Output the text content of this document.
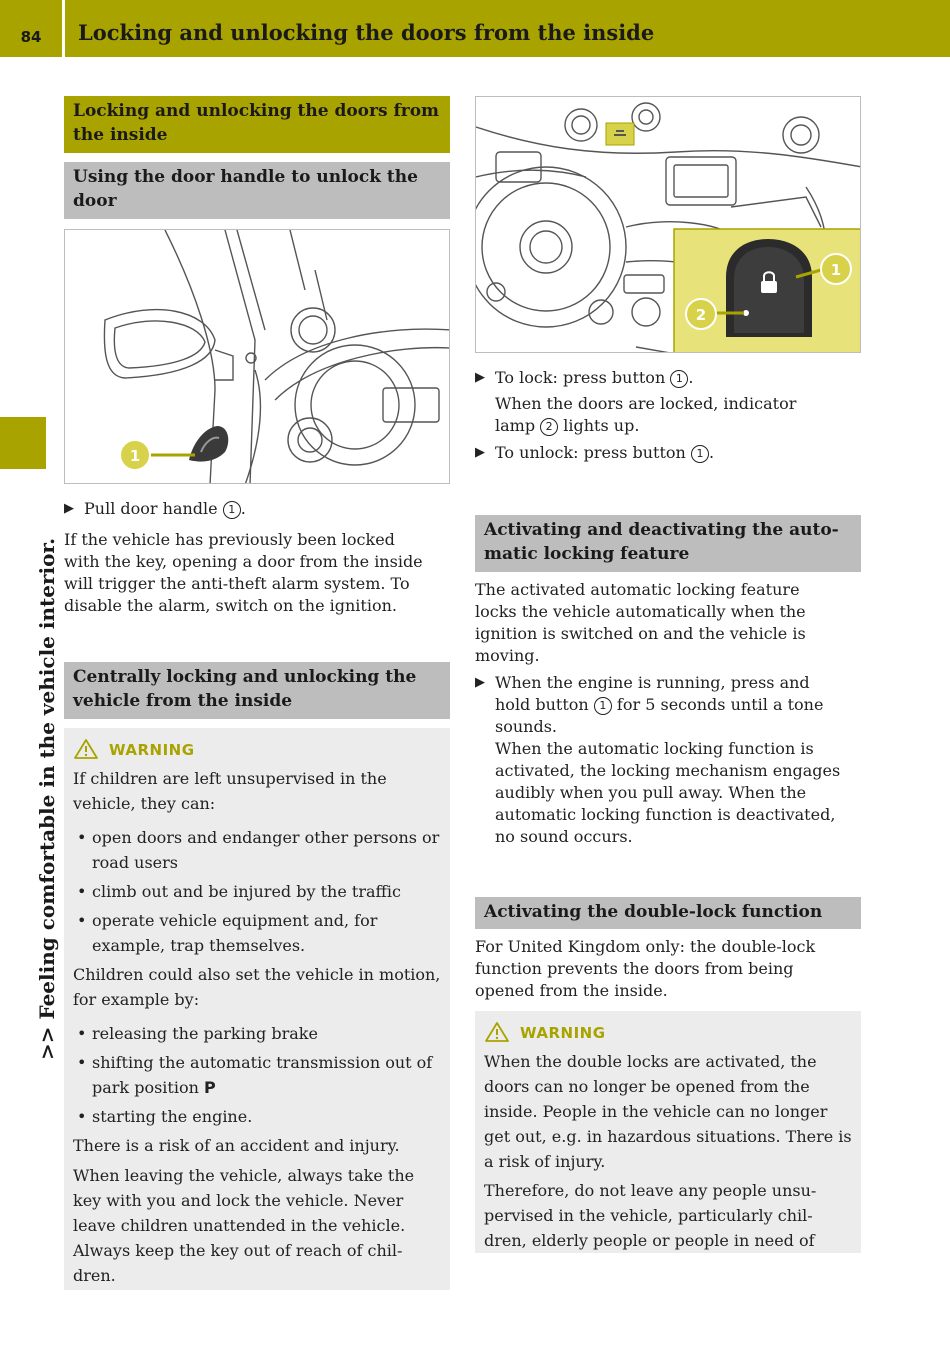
84	Locking and unlocking the doors from the inside
>> Feeling comfortable in the vehicle interior.
Locking and unlocking the doors from the inside
Using the door handle to unlock the door
1
▶ Pull door handle 1 .
If the vehicle has previously been locked
with the key, opening a door from the inside
will trigger the anti-theft alarm system. To
disable the alarm, switch on the ignition.
Centrally locking and unlocking the vehicle from the inside
WARNING
If children are left unsupervised in the vehicle, they can:
• open doors and endanger other persons or road users
• climb out and be injured by the traffic
• operate vehicle equipment and, for example, trap themselves.
Children could also set the vehicle in motion, for example by:
• releasing the parking brake
• shifting the automatic transmission out of park position P
• starting the engine.
There is a risk of an accident and injury.
When leaving the vehicle, always take the key with you and lock the vehicle. Never leave children unattended in the vehicle. Always keep the key out of reach of chil-dren.
1
2
▶ To lock: press button 1 .
When the doors are locked, indicator
lamp 2 lights up.
▶ To unlock: press button 1 .
Activating and deactivating the auto-matic locking feature
The activated automatic locking feature
locks the vehicle automatically when the
ignition is switched on and the vehicle is
moving.
▶ When the engine is running, press and
hold button 1 for 5 seconds until a tone
sounds.
When the automatic locking function is
activated, the locking mechanism engages
audibly when you pull away. When the
automatic locking function is deactivated,
no sound occurs.
Activating the double-lock function
For United Kingdom only: the double-lock
function prevents the doors from being
opened from the inside.
WARNING
When the double locks are activated, the doors can no longer be opened from the inside. People in the vehicle can no longer get out, e.g. in hazardous situations. There is a risk of injury.
Therefore, do not leave any people unsu-pervised in the vehicle, particularly chil-dren, elderly people or people in need of
